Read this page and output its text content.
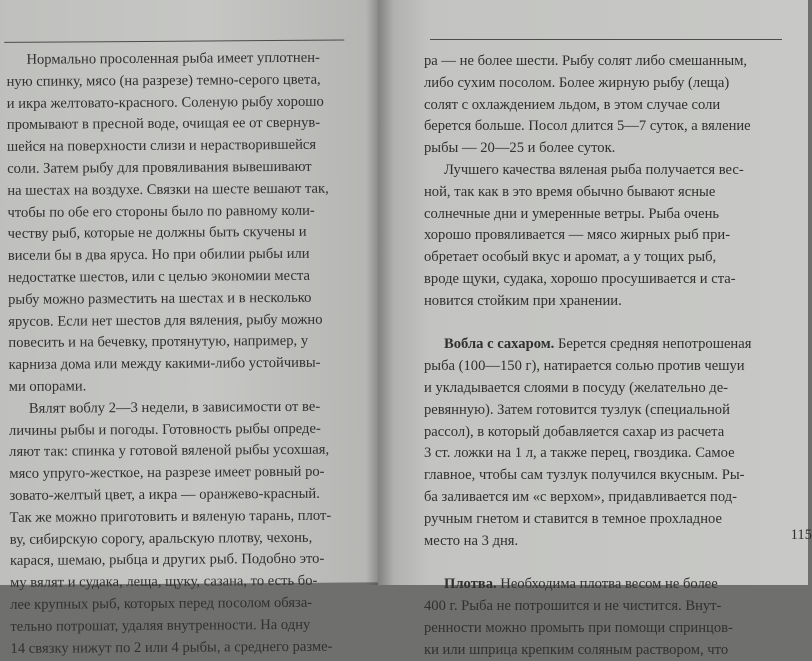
Нормально просоленная рыба имеет уплотнен-
ную спинку, мясо (на разрезе) темно-серого цвета,
и икра желтовато-красного. Соленую рыбу хорошо
промывают в пресной воде, очищая ее от свернув-
шейся на поверхности слизи и нерастворившейся
соли. Затем рыбу для провяливания вывешивают
на шестах на воздухе. Связки на шесте вешают так,
чтобы по обе его стороны было по равному коли-
честву рыб, которые не должны быть скучены и
висели бы в два яруса. Но при обилии рыбы или
недостатке шестов, или с целью экономии места
рыбу можно разместить на шестах и в несколько
ярусов. Если нет шестов для вяления, рыбу можно
повесить и на бечевку, протянутую, например, у
карниза дома или между какими-либо устойчивы-
ми опорами.
Вялят воблу 2—3 недели, в зависимости от ве-
личины рыбы и погоды. Готовность рыбы опреде-
ляют так: спинка у готовой вяленой рыбы усохшая,
мясо упруго-жесткое, на разрезе имеет ровный ро-
зовато-желтый цвет, а икра — оранжево-красный.
Так же можно приготовить и вяленую тарань, плот-
ву, сибирскую сорогу, аральскую плотву, чехонь,
карася, шемаю, рыбца и других рыб. Подобно это-
му вялят и судака, леща, щуку, сазана, то есть бо-
лее крупных рыб, которых перед посолом обяза-
тельно потрошат, удаляя внутренности. На одну
14 связку нижут по 2 или 4 рыбы, а среднего разме-
ра — не более шести. Рыбу солят либо смешанным,
либо сухим посолом. Более жирную рыбу (леща)
солят с охлаждением льдом, в этом случае соли
берется больше. Посол длится 5—7 суток, а вяление
рыбы — 20—25 и более суток.
Лучшего качества вяленая рыба получается вес-
ной, так как в это время обычно бывают ясные
солнечные дни и умеренные ветры. Рыба очень
хорошо провяливается — мясо жирных рыб при-
обретает особый вкус и аромат, а у тощих рыб,
вроде щуки, судака, хорошо просушивается и ста-
новится стойким при хранении.
Вобла с сахаром. Берется средняя непотрошеная
рыба (100—150 г), натирается солью против чешуи
и укладывается слоями в посуду (желательно де-
ревянную). Затем готовится тузлук (специальной
рассол), в который добавляется сахар из расчета
3 ст. ложки на 1 л, а также перец, гвоздика. Самое
главное, чтобы сам тузлук получился вкусным. Ры-
ба заливается им «с верхом», придавливается под-
ручным гнетом и ставится в темное прохладное
место на 3 дня.
Плотва. Необходима плотва весом не более
400 г. Рыба не потрошится и не чистится. Внут-
ренности можно промыть при помощи спринцов-
ки или шприца крепким соляным раствором, что
115
